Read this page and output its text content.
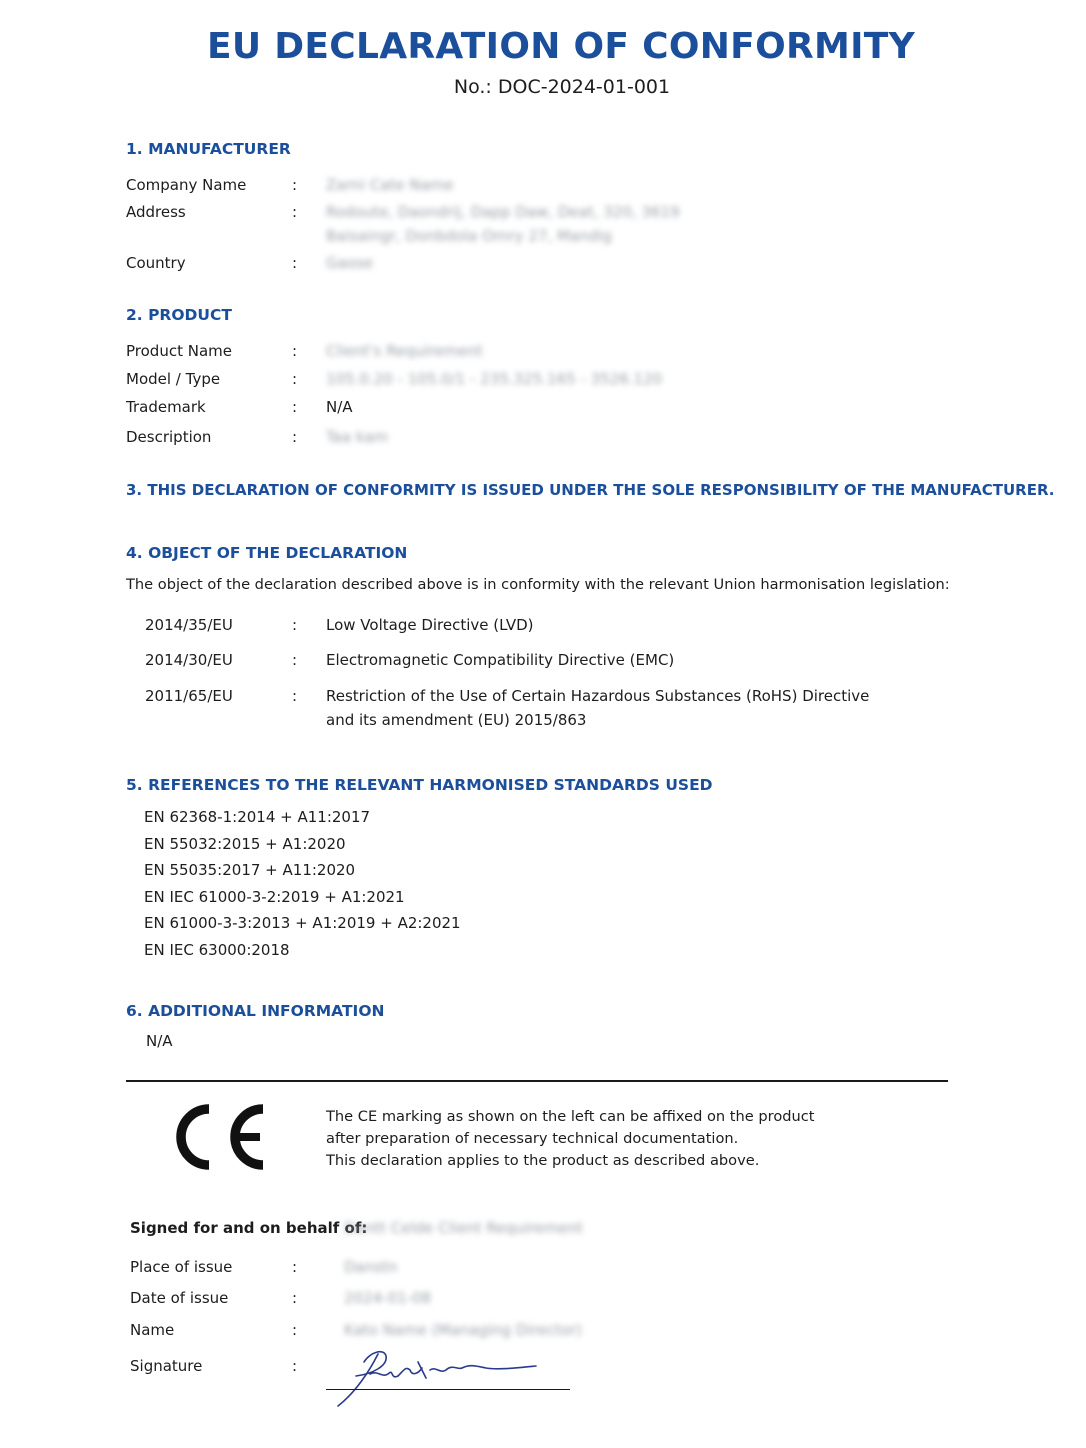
EU DECLARATION OF CONFORMITY
No.: DOC-2024-01-001
1. MANUFACTURER
Company Name	: Zarni Cate Name
Address	: Rodoute, Daondrij, Dapp Daw, Deat, 320, 3619
Baisaingr, Donbdola Omry 27, Mandig
Country	: Gaose
2. PRODUCT
Product Name	: Client's Requirement
Model / Type	: 105.0.20 - 105.0/1 - 235.325.165 - 3526.120
Trademark	: N/A
Description	: Taa kam
3. THIS DECLARATION OF CONFORMITY IS ISSUED UNDER THE SOLE RESPONSIBILITY OF THE MANUFACTURER.
4. OBJECT OF THE DECLARATION
The object of the declaration described above is in conformity with the relevant Union harmonisation legislation:
2014/35/EU	: Low Voltage Directive (LVD)
2014/30/EU	: Electromagnetic Compatibility Directive (EMC)
2011/65/EU	: Restriction of the Use of Certain Hazardous Substances (RoHS) Directive
and its amendment (EU) 2015/863
5. REFERENCES TO THE RELEVANT HARMONISED STANDARDS USED
EN 62368-1:2014 + A11:2017
EN 55032:2015 + A1:2020
EN 55035:2017 + A11:2020
EN IEC 61000-3-2:2019 + A1:2021
EN 61000-3-3:2013 + A1:2019 + A2:2021
EN IEC 63000:2018
6. ADDITIONAL INFORMATION
N/A
The CE marking as shown on the left can be affixed on the product
after preparation of necessary technical documentation.
This declaration applies to the product as described above.
Signed for and on behalf of:
Dantt Celde Client Requirement
Place of issue	:	Danstn
Date of issue	:	2024-01-08
Name	:	Kato Name (Managing Director)
Signature	:
